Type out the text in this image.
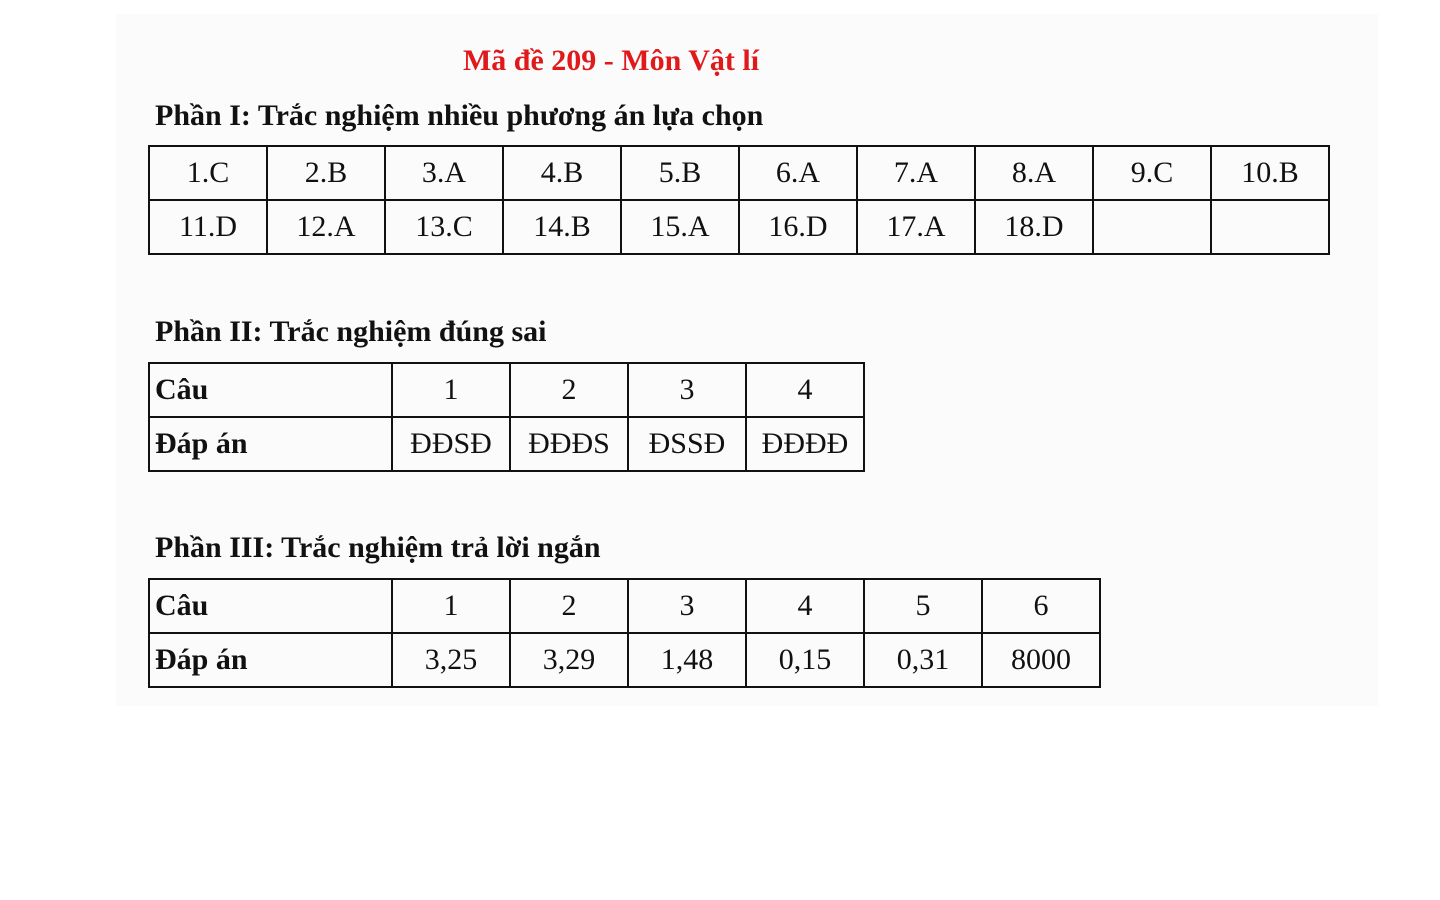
Mã đề 209 - Môn Vật lí
Phần I: Trắc nghiệm nhiều phương án lựa chọn
1.C	2.B	3.A	4.B	5.B	6.A	7.A	8.A	9.C	10.B
11.D	12.A	13.C	14.B	15.A	16.D	17.A	18.D		
Phần II: Trắc nghiệm đúng sai
Câu	1	2	3	4
Đáp án	ĐĐSĐ	ĐĐĐS	ĐSSĐ	ĐĐĐĐ
Phần III: Trắc nghiệm trả lời ngắn
Câu	1	2	3	4	5	6
Đáp án	3,25	3,29	1,48	0,15	0,31	8000
